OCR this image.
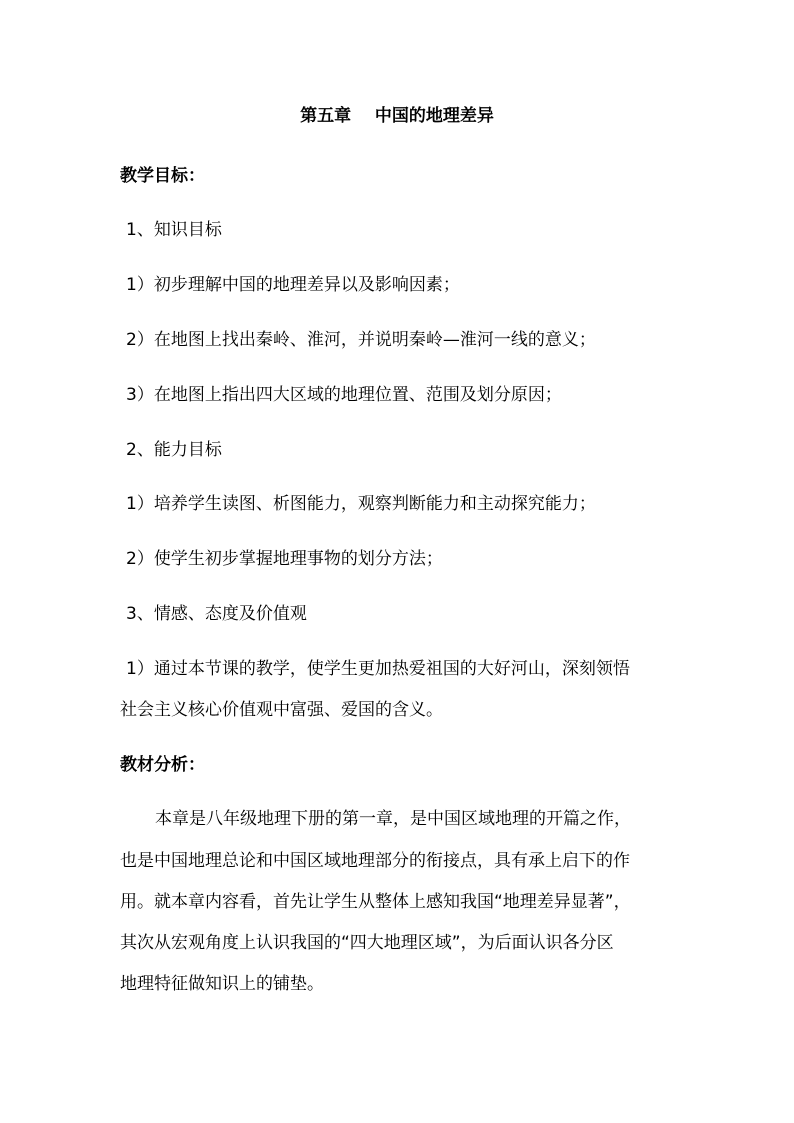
第五章    中国的地理差异
教学目标：
1、知识目标
1）初步理解中国的地理差异以及影响因素；
2）在地图上找出秦岭、淮河，并说明秦岭—淮河一线的意义；
3）在地图上指出四大区域的地理位置、范围及划分原因；
2、能力目标
1）培养学生读图、析图能力，观察判断能力和主动探究能力；
2）使学生初步掌握地理事物的划分方法；
3、情感、态度及价值观
1）通过本节课的教学，使学生更加热爱祖国的大好河山，深刻领悟
社会主义核心价值观中富强、爱国的含义。
教材分析：
本章是八年级地理下册的第一章，是中国区域地理的开篇之作，
也是中国地理总论和中国区域地理部分的衔接点，具有承上启下的作
用。就本章内容看，首先让学生从整体上感知我国“地理差异显著”，
其次从宏观角度上认识我国的“四大地理区域”，为后面认识各分区
地理特征做知识上的铺垫。
